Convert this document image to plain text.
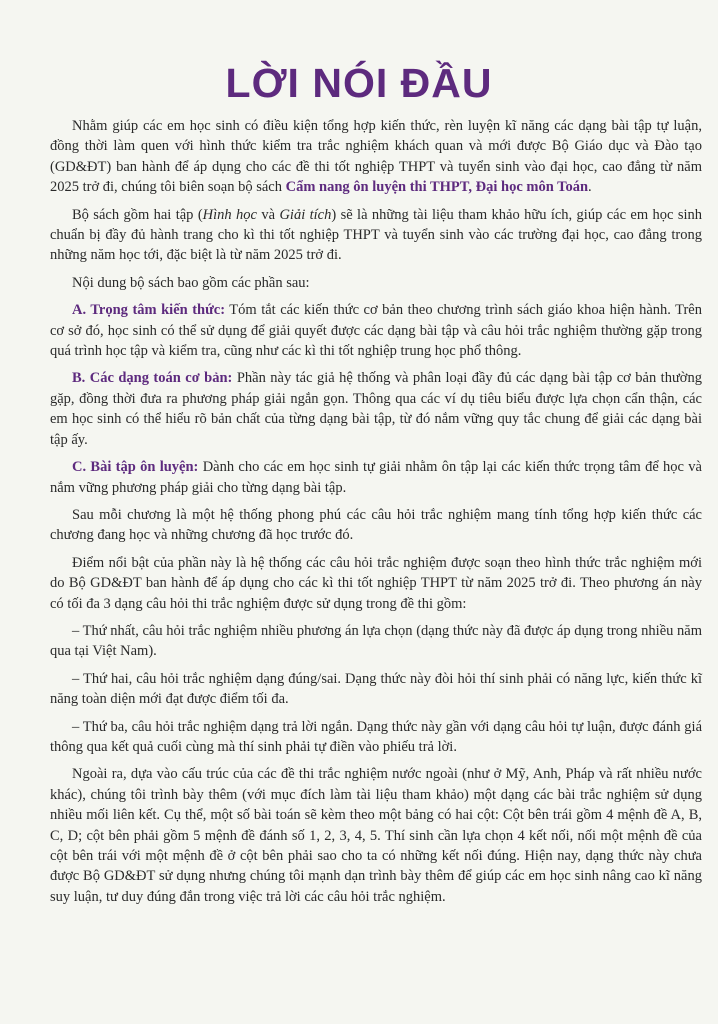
LỜI NÓI ĐẦU

Nhằm giúp các em học sinh có điều kiện tổng hợp kiến thức, rèn luyện kĩ năng các dạng bài tập tự luận, đồng thời làm quen với hình thức kiểm tra trắc nghiệm khách quan và mới được Bộ Giáo dục và Đào tạo (GD&ĐT) ban hành để áp dụng cho các đề thi tốt nghiệp THPT và tuyển sinh vào đại học, cao đẳng từ năm 2025 trở đi, chúng tôi biên soạn bộ sách Cẩm nang ôn luyện thi THPT, Đại học môn Toán.

Bộ sách gồm hai tập (Hình học và Giải tích) sẽ là những tài liệu tham khảo hữu ích, giúp các em học sinh chuẩn bị đầy đủ hành trang cho kì thi tốt nghiệp THPT và tuyển sinh vào các trường đại học, cao đẳng trong những năm học tới, đặc biệt là từ năm 2025 trở đi.

Nội dung bộ sách bao gồm các phần sau:

A. Trọng tâm kiến thức: Tóm tắt các kiến thức cơ bản theo chương trình sách giáo khoa hiện hành. Trên cơ sở đó, học sinh có thể sử dụng để giải quyết được các dạng bài tập và câu hỏi trắc nghiệm thường gặp trong quá trình học tập và kiểm tra, cũng như các kì thi tốt nghiệp trung học phổ thông.

B. Các dạng toán cơ bản: Phần này tác giả hệ thống và phân loại đầy đủ các dạng bài tập cơ bản thường gặp, đồng thời đưa ra phương pháp giải ngắn gọn. Thông qua các ví dụ tiêu biểu được lựa chọn cẩn thận, các em học sinh có thể hiểu rõ bản chất của từng dạng bài tập, từ đó nắm vững quy tắc chung để giải các dạng bài tập ấy.

C. Bài tập ôn luyện: Dành cho các em học sinh tự giải nhằm ôn tập lại các kiến thức trọng tâm để học và nắm vững phương pháp giải cho từng dạng bài tập.

Sau mỗi chương là một hệ thống phong phú các câu hỏi trắc nghiệm mang tính tổng hợp kiến thức các chương đang học và những chương đã học trước đó.

Điểm nổi bật của phần này là hệ thống các câu hỏi trắc nghiệm được soạn theo hình thức trắc nghiệm mới do Bộ GD&ĐT ban hành để áp dụng cho các kì thi tốt nghiệp THPT từ năm 2025 trở đi. Theo phương án này có tối đa 3 dạng câu hỏi thi trắc nghiệm được sử dụng trong đề thi gồm:

– Thứ nhất, câu hỏi trắc nghiệm nhiều phương án lựa chọn (dạng thức này đã được áp dụng trong nhiều năm qua tại Việt Nam).

– Thứ hai, câu hỏi trắc nghiệm dạng đúng/sai. Dạng thức này đòi hỏi thí sinh phải có năng lực, kiến thức kĩ năng toàn diện mới đạt được điểm tối đa.

– Thứ ba, câu hỏi trắc nghiệm dạng trả lời ngắn. Dạng thức này gần với dạng câu hỏi tự luận, được đánh giá thông qua kết quả cuối cùng mà thí sinh phải tự điền vào phiếu trả lời.

Ngoài ra, dựa vào cấu trúc của các đề thi trắc nghiệm nước ngoài (như ở Mỹ, Anh, Pháp và rất nhiều nước khác), chúng tôi trình bày thêm (với mục đích làm tài liệu tham khảo) một dạng các bài trắc nghiệm sử dụng nhiều mối liên kết. Cụ thể, một số bài toán sẽ kèm theo một bảng có hai cột: Cột bên trái gồm 4 mệnh đề A, B, C, D; cột bên phải gồm 5 mệnh đề đánh số 1, 2, 3, 4, 5. Thí sinh cần lựa chọn 4 kết nối, nối một mệnh đề của cột bên trái với một mệnh đề ở cột bên phải sao cho ta có những kết nối đúng. Hiện nay, dạng thức này chưa được Bộ GD&ĐT sử dụng nhưng chúng tôi mạnh dạn trình bày thêm để giúp các em học sinh nâng cao kĩ năng suy luận, tư duy đúng đắn trong việc trả lời các câu hỏi trắc nghiệm.
